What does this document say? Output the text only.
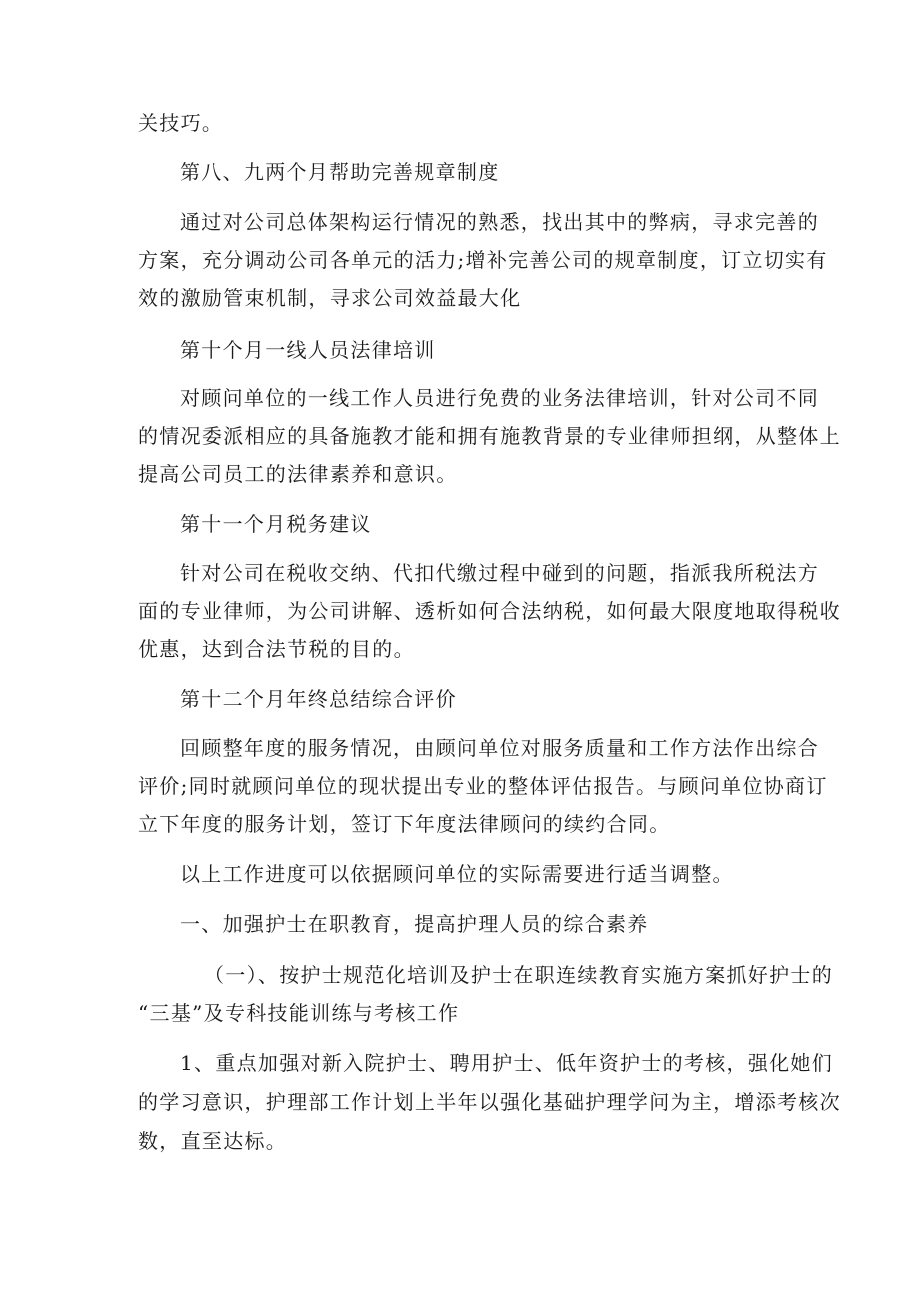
关技巧。
第八、九两个月帮助完善规章制度
通过对公司总体架构运行情况的熟悉，找出其中的弊病，寻求完善的
方案，充分调动公司各单元的活力;增补完善公司的规章制度，订立切实有
效的激励管束机制，寻求公司效益最大化
第十个月一线人员法律培训
对顾问单位的一线工作人员进行免费的业务法律培训，针对公司不同
的情况委派相应的具备施教才能和拥有施教背景的专业律师担纲，从整体上
提高公司员工的法律素养和意识。
第十一个月税务建议
针对公司在税收交纳、代扣代缴过程中碰到的问题，指派我所税法方
面的专业律师，为公司讲解、透析如何合法纳税，如何最大限度地取得税收
优惠，达到合法节税的目的。
第十二个月年终总结综合评价
回顾整年度的服务情况，由顾问单位对服务质量和工作方法作出综合
评价;同时就顾问单位的现状提出专业的整体评估报告。与顾问单位协商订
立下年度的服务计划，签订下年度法律顾问的续约合同。
以上工作进度可以依据顾问单位的实际需要进行适当调整。
一、加强护士在职教育，提高护理人员的综合素养
（一）、按护士规范化培训及护士在职连续教育实施方案抓好护士的
“三基”及专科技能训练与考核工作
1、重点加强对新入院护士、聘用护士、低年资护士的考核，强化她们
的学习意识，护理部工作计划上半年以强化基础护理学问为主，增添考核次
数，直至达标。
